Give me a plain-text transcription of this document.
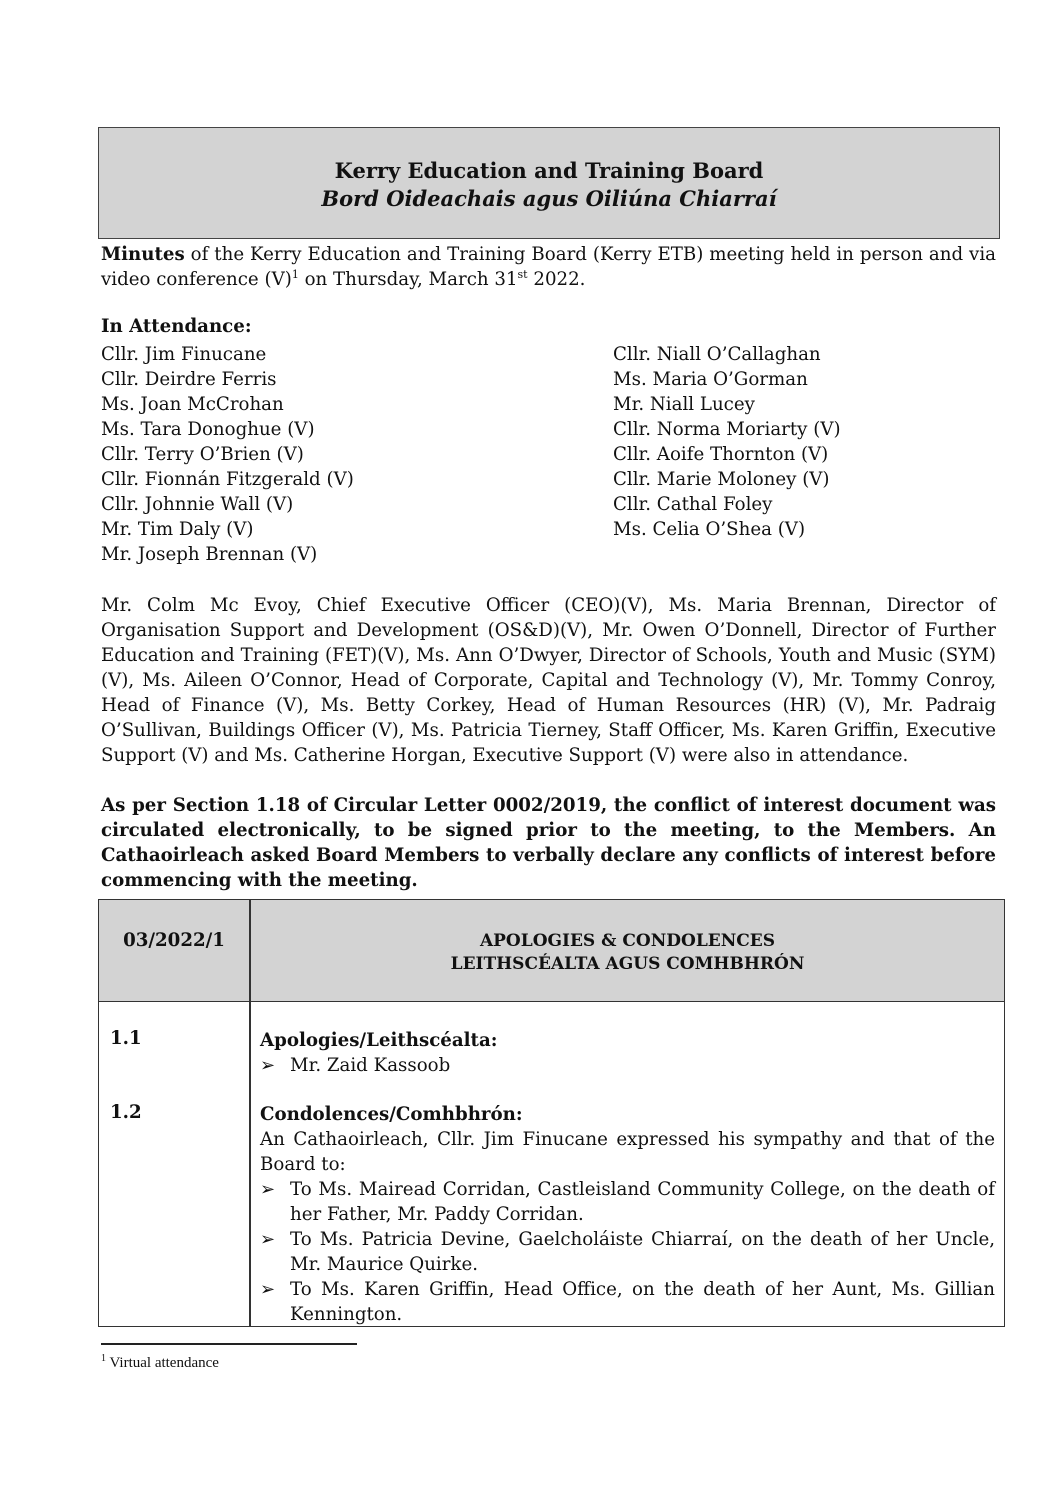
Kerry Education and Training Board
Bord Oideachais agus Oiliúna Chiarraí
Minutes of the Kerry Education and Training Board (Kerry ETB) meeting held in person and via video conference $(V)^1$ on Thursday, March 31st 2022.
In Attendance:
Cllr. Jim Finucane
Cllr. Deirdre Ferris
Ms. Joan McCrohan
Ms. Tara Donoghue (V)
Cllr. Terry O’Brien (V)
Cllr. Fionnán Fitzgerald (V)
Cllr. Johnnie Wall (V)
Mr. Tim Daly (V)
Mr. Joseph Brennan (V)
Cllr. Niall O’Callaghan
Ms. Maria O’Gorman
Mr. Niall Lucey
Cllr. Norma Moriarty (V)
Cllr. Aoife Thornton (V)
Cllr. Marie Moloney (V)
Cllr. Cathal Foley
Ms. Celia O’Shea (V)
Mr. Colm Mc Evoy, Chief Executive Officer (CEO)(V), Ms. Maria Brennan, Director of Organisation Support and Development (OS&D)(V), Mr. Owen O’Donnell, Director of Further Education and Training (FET)(V), Ms. Ann O’Dwyer, Director of Schools, Youth and Music (SYM)(V), Ms. Aileen O’Connor, Head of Corporate, Capital and Technology (V), Mr. Tommy Conroy, Head of Finance (V), Ms. Betty Corkey, Head of Human Resources (HR) (V), Mr. Padraig O’Sullivan, Buildings Officer (V), Ms. Patricia Tierney, Staff Officer, Ms. Karen Griffin, Executive Support (V) and Ms. Catherine Horgan, Executive Support (V) were also in attendance.
As per Section 1.18 of Circular Letter 0002/2019, the conflict of interest document was circulated electronically, to be signed prior to the meeting, to the Members. An Cathaoirleach asked Board Members to verbally declare any conflicts of interest before commencing with the meeting.
03/2022/1	APOLOGIES & CONDOLENCES
LEITHSCÉALTA AGUS COMHBHRÓN
1.1	Apologies/Leithscéalta:
➢ Mr. Zaid Kassoob
1.2	Condolences/Comhbhrón:
An Cathaoirleach, Cllr. Jim Finucane expressed his sympathy and that of the Board to:
➢ To Ms. Mairead Corridan, Castleisland Community College, on the death of her Father, Mr. Paddy Corridan.
➢ To Ms. Patricia Devine, Gaelcholáiste Chiarraí, on the death of her Uncle, Mr. Maurice Quirke.
➢ To Ms. Karen Griffin, Head Office, on the death of her Aunt, Ms. Gillian Kennington.
$^1$ Virtual attendance
